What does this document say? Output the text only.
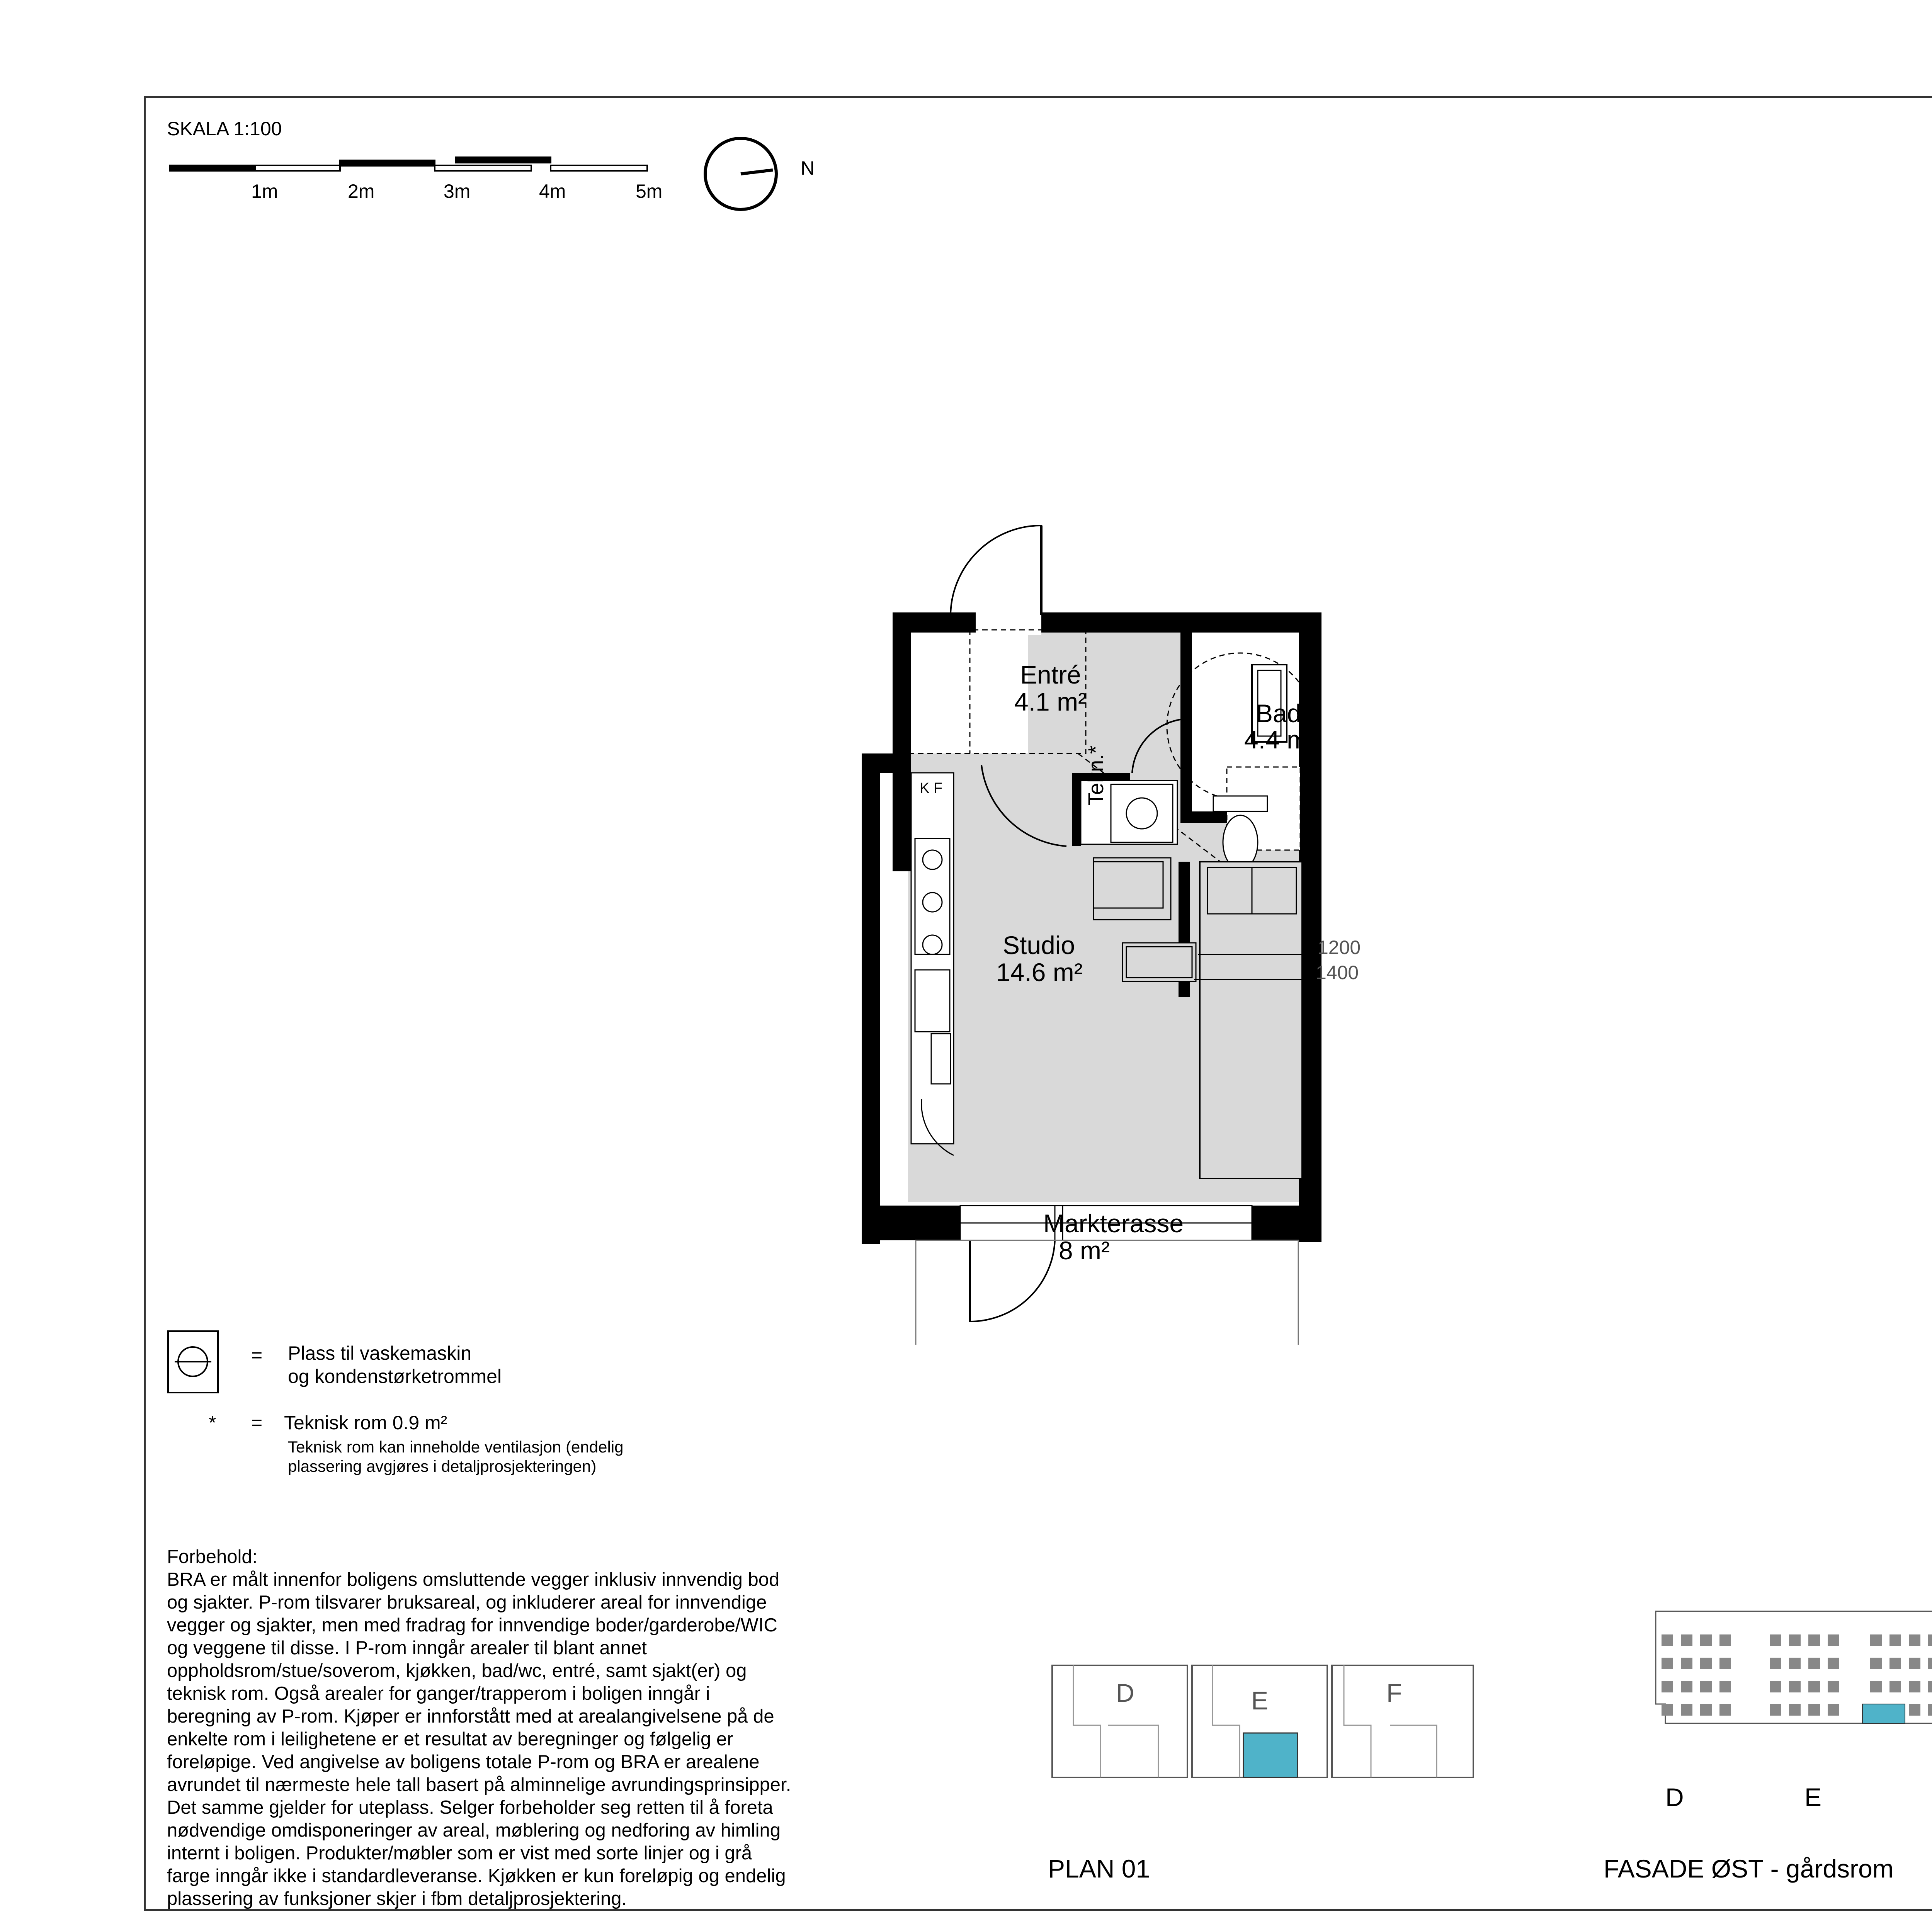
SKALA 1:100
1m	2m	3m	4m	5m
N
Entré
4.1 m²	Bad
4.4 m²
Tekn.*
Studio
14.6 m²
1200
1400
K F
Markterasse
8 m²
= Plass til vaskemaskin
og kondenstørketrommel
* = Teknisk rom 0.9 m²
Teknisk rom kan inneholde ventilasjon (endelig
plassering avgjøres i detaljprosjekteringen)
Forbehold:
BRA er målt innenfor boligens omsluttende vegger inklusiv innvendig bod
og sjakter. P-rom tilsvarer bruksareal, og inkluderer areal for innvendige
vegger og sjakter, men med fradrag for innvendige boder/garderobe/WIC
og veggene til disse. I P-rom inngår arealer til blant annet
oppholdsrom/stue/soverom, kjøkken, bad/wc, entré, samt sjakt(er) og
teknisk rom. Også arealer for ganger/trapperom i boligen inngår i
beregning av P-rom. Kjøper er innforstått med at arealangivelsene på de
enkelte rom i leilighetene er et resultat av beregninger og følgelig er
foreløpige. Ved angivelse av boligens totale P-rom og BRA er arealene
avrundet til nærmeste hele tall basert på alminnelige avrundingsprinsipper.
Det samme gjelder for uteplass. Selger forbeholder seg retten til å foreta
nødvendige omdisponeringer av areal, møblering og nedforing av himling
internt i boligen. Produkter/møbler som er vist med sorte linjer og i grå
farge inngår ikke i standardleveranse. Kjøkken er kun foreløpig og endelig
plassering av funksjoner skjer i fbm detaljprosjektering.
D	E	F
PLAN 01
D	E
FASADE ØST - gårdsrom
